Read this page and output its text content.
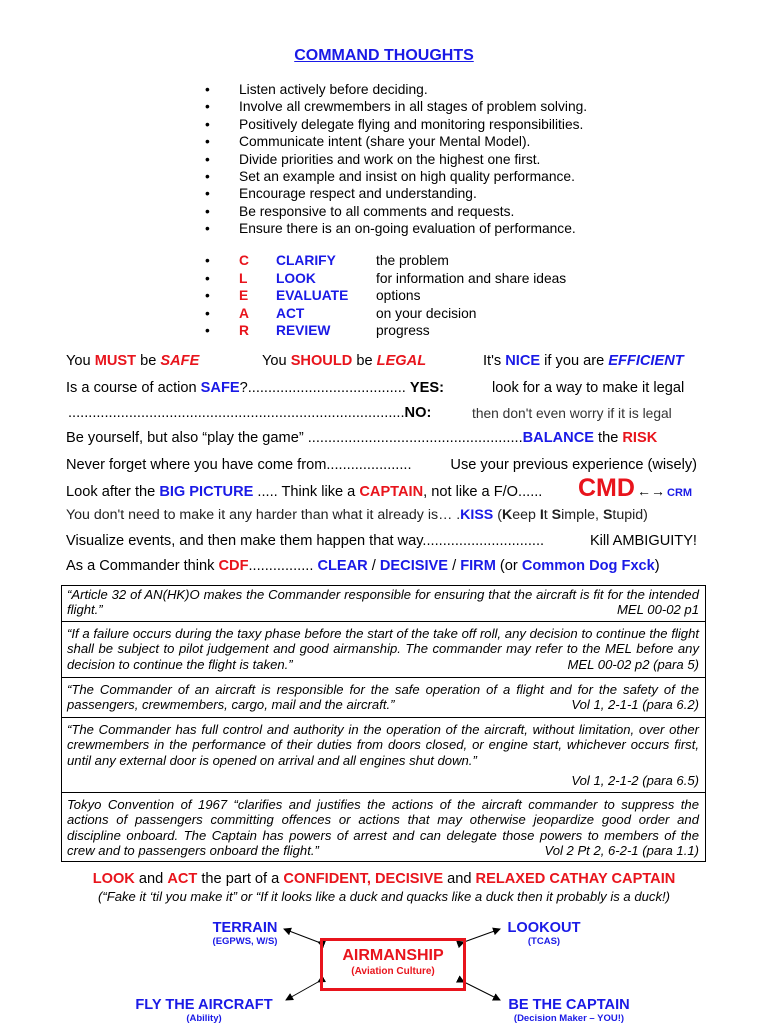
COMMAND THOUGHTS
•	Listen actively before deciding.
•	Involve all crewmembers in all stages of problem solving.
•	Positively delegate flying and monitoring responsibilities.
•	Communicate intent (share your Mental Model).
•	Divide priorities and work on the highest one first.
•	Set an example and insist on high quality performance.
•	Encourage respect and understanding.
•	Be responsive to all comments and requests.
•	Ensure there is an on-going evaluation of performance.
•	C	CLARIFY	the problem
•	L	LOOK	for information and share ideas
•	E	EVALUATE	options
•	A	ACT	on your decision
•	R	REVIEW	progress
You MUST be SAFE	You SHOULD be LEGAL	It's NICE if you are EFFICIENT
Is a course of action SAFE?....................................... YES:	look for a way to make it legal
...................................................................................NO:	then don't even worry if it is legal
Be yourself, but also “play the game” .....................................................BALANCE the RISK
Never forget where you have come from.....................	Use your previous experience (wisely)
Look after the BIG PICTURE ..... Think like a CAPTAIN, not like a F/O...... CMD ←→ CRM
You don't need to make it any harder than what it already is… .KISS (Keep It Simple, Stupid)
Visualize events, and then make them happen that way..............................	Kill AMBIGUITY!
As a Commander think CDF................ CLEAR / DECISIVE / FIRM (or Common Dog Fxck)
“Article 32 of AN(HK)O makes the Commander responsible for ensuring that the aircraft is fit for the intended flight.”	MEL 00-02 p1
“If a failure occurs during the taxy phase before the start of the take off roll, any decision to continue the flight shall be subject to pilot judgement and good airmanship. The commander may refer to the MEL before any decision to continue the flight is taken.”	MEL 00-02 p2 (para 5)
“The Commander of an aircraft is responsible for the safe operation of a flight and for the safety of the passengers, crewmembers, cargo, mail and the aircraft.”	Vol 1, 2-1-1 (para 6.2)
“The Commander has full control and authority in the operation of the aircraft, without limitation, over other crewmembers in the performance of their duties from doors closed, or engine start, whichever occurs first, until any external door is opened on arrival and all engines shut down.”
Vol 1, 2-1-2 (para 6.5)
Tokyo Convention of 1967 “clarifies and justifies the actions of the aircraft commander to suppress the actions of passengers committing offences or actions that may otherwise jeopardize good order and discipline onboard. The Captain has powers of arrest and can delegate those powers to members of the crew and to passengers onboard the flight.”	Vol 2 Pt 2, 6-2-1 (para 1.1)
LOOK and ACT the part of a CONFIDENT, DECISIVE and RELAXED CATHAY CAPTAIN
(“Fake it ‘til you make it” or “If it looks like a duck and quacks like a duck then it probably is a duck!)
TERRAIN
(EGPWS, W/S)
LOOKOUT
(TCAS)
AIRMANSHIP
(Aviation Culture)
FLY THE AIRCRAFT
(Ability)
BE THE CAPTAIN
(Decision Maker – YOU!)
